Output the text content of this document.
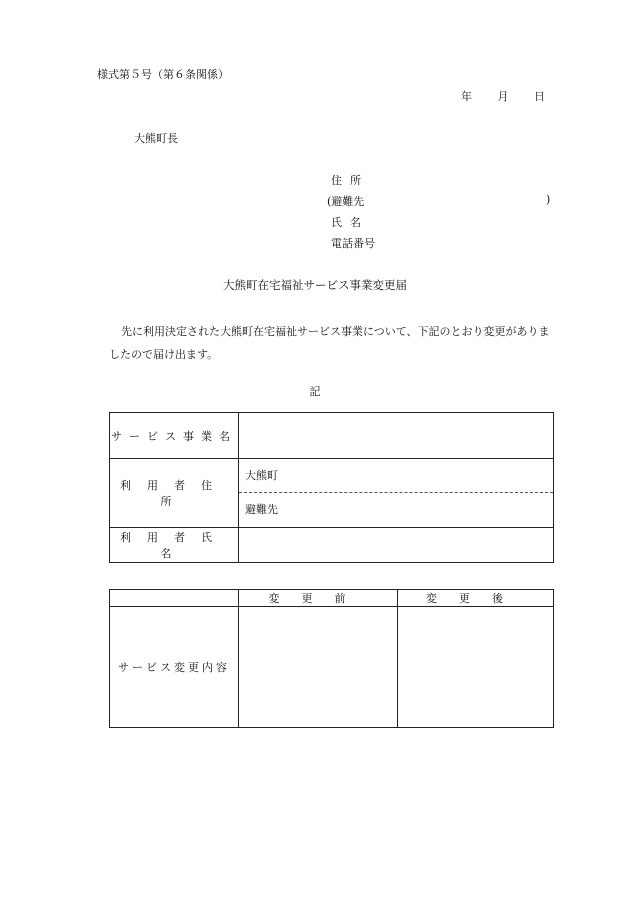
様式第５号（第６条関係）
年 月 日
大熊町長
住所
(避難先	)
氏名
電話番号
大熊町在宅福祉サービス事業変更届
先に利用決定された大熊町在宅福祉サービス事業について、下記のとおり変更がありましたので届け出ます。
記
サービス事業名	
利用者住所	大熊町
避難先

利用者氏名	
	変更前	変更後
サービス変更内容		
